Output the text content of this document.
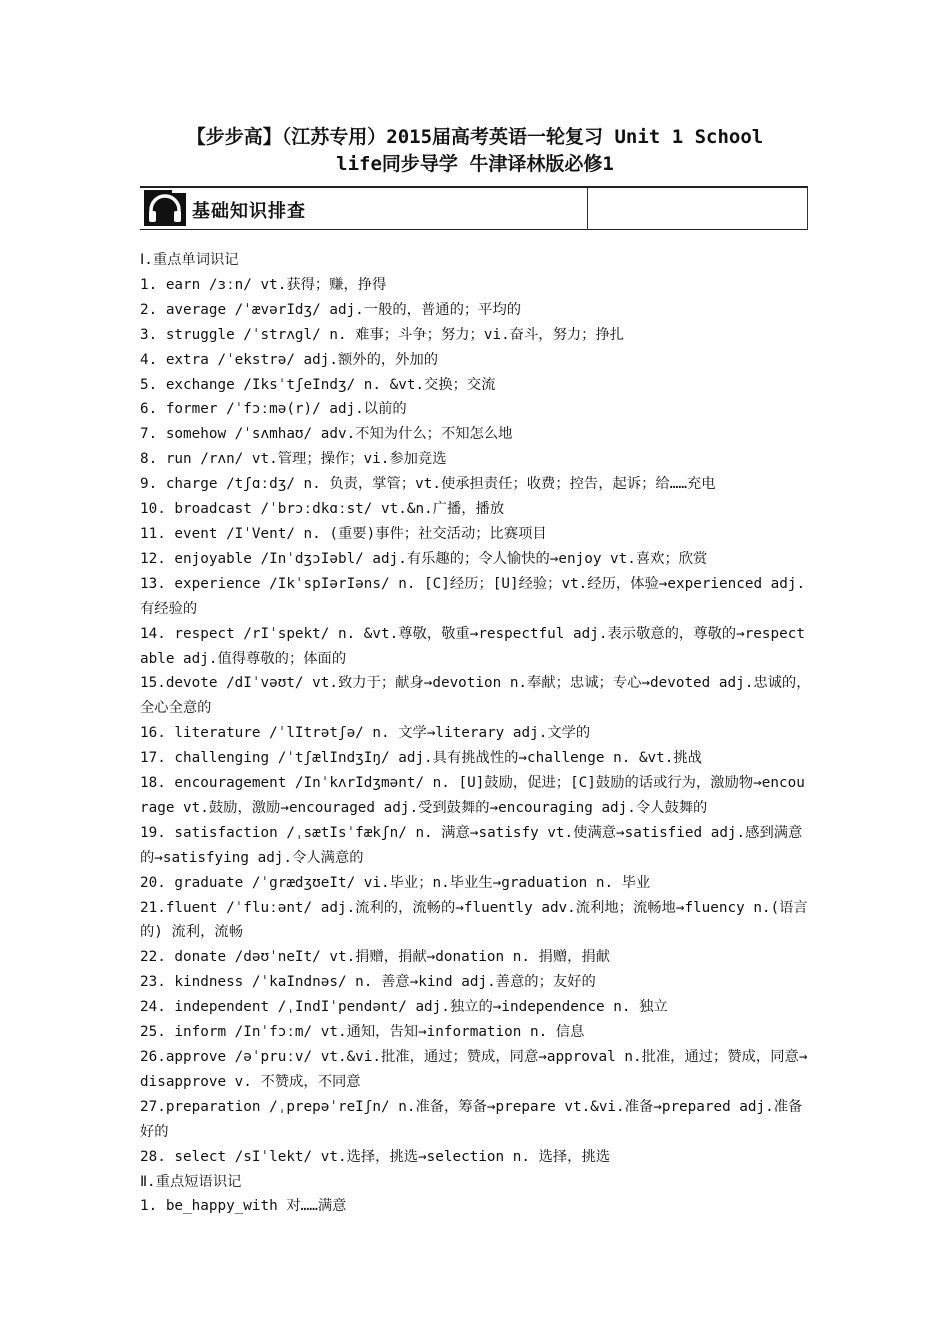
【步步高】（江苏专用）2015届高考英语一轮复习 Unit 1 School
life同步导学 牛津译林版必修1
基础知识排查
Ⅰ.重点单词识记
1. earn /ɜːn/ vt.获得；赚，挣得
2. average /ˈævərIdʒ/ adj.一般的，普通的；平均的
3. struggle /ˈstrʌgl/ n. 难事；斗争；努力；vi.奋斗，努力；挣扎
4. extra /ˈekstrə/ adj.额外的，外加的
5. exchange /IksˈtʃeIndʒ/ n. &vt.交换；交流
6. former /ˈfɔːmə(r)/ adj.以前的
7. somehow /ˈsʌmhaʊ/ adv.不知为什么；不知怎么地
8. run /rʌn/ vt.管理；操作；vi.参加竞选
9. charge /tʃɑːdʒ/ n. 负责，掌管；vt.使承担责任；收费；控告，起诉；给……充电
10. broadcast /ˈbrɔːdkɑːst/ vt.&n.广播，播放
11. event /IˈVent/ n. (重要)事件；社交活动；比赛项目
12. enjoyable /InˈdʒɔIəbl/ adj.有乐趣的；令人愉快的→enjoy vt.喜欢；欣赏
13. experience /IkˈspIərIəns/ n. [C]经历；[U]经验；vt.经历，体验→experienced adj.有经验的
14. respect /rIˈspekt/ n. &vt.尊敬，敬重→respectful adj.表示敬意的，尊敬的→respectable adj.值得尊敬的；体面的
15.devote /dIˈvəʊt/ vt.致力于；献身→devotion n.奉献；忠诚；专心→devoted adj.忠诚的，全心全意的
16. literature /ˈlItrətʃə/ n. 文学→literary adj.文学的
17. challenging /ˈtʃælIndʒIŋ/ adj.具有挑战性的→challenge n. &vt.挑战
18. encouragement /InˈkʌrIdʒmənt/ n. [U]鼓励，促进；[C]鼓励的话或行为，激励物→encourage vt.鼓励，激励→encouraged adj.受到鼓舞的→encouraging adj.令人鼓舞的
19. satisfaction /ˌsætIsˈfækʃn/ n. 满意→satisfy vt.使满意→satisfied adj.感到满意的→satisfying adj.令人满意的
20. graduate /ˈgrædʒʊeIt/ vi.毕业；n.毕业生→graduation n. 毕业
21.fluent /ˈfluːənt/ adj.流利的，流畅的→fluently adv.流利地；流畅地→fluency n.(语言的) 流利，流畅
22. donate /dəʊˈneIt/ vt.捐赠，捐献→donation n. 捐赠，捐献
23. kindness /ˈkaIndnəs/ n. 善意→kind adj.善意的；友好的
24. independent /ˌIndIˈpendənt/ adj.独立的→independence n. 独立
25. inform /Inˈfɔːm/ vt.通知，告知→information n. 信息
26.approve /əˈpruːv/ vt.&vi.批准，通过；赞成，同意→approval n.批准，通过；赞成，同意→disapprove v. 不赞成，不同意
27.preparation /ˌprepəˈreIʃn/ n.准备，筹备→prepare vt.&vi.准备→prepared adj.准备好的
28. select /sIˈlekt/ vt.选择，挑选→selection n. 选择，挑选
Ⅱ.重点短语识记
1. be_happy_with 对……满意
